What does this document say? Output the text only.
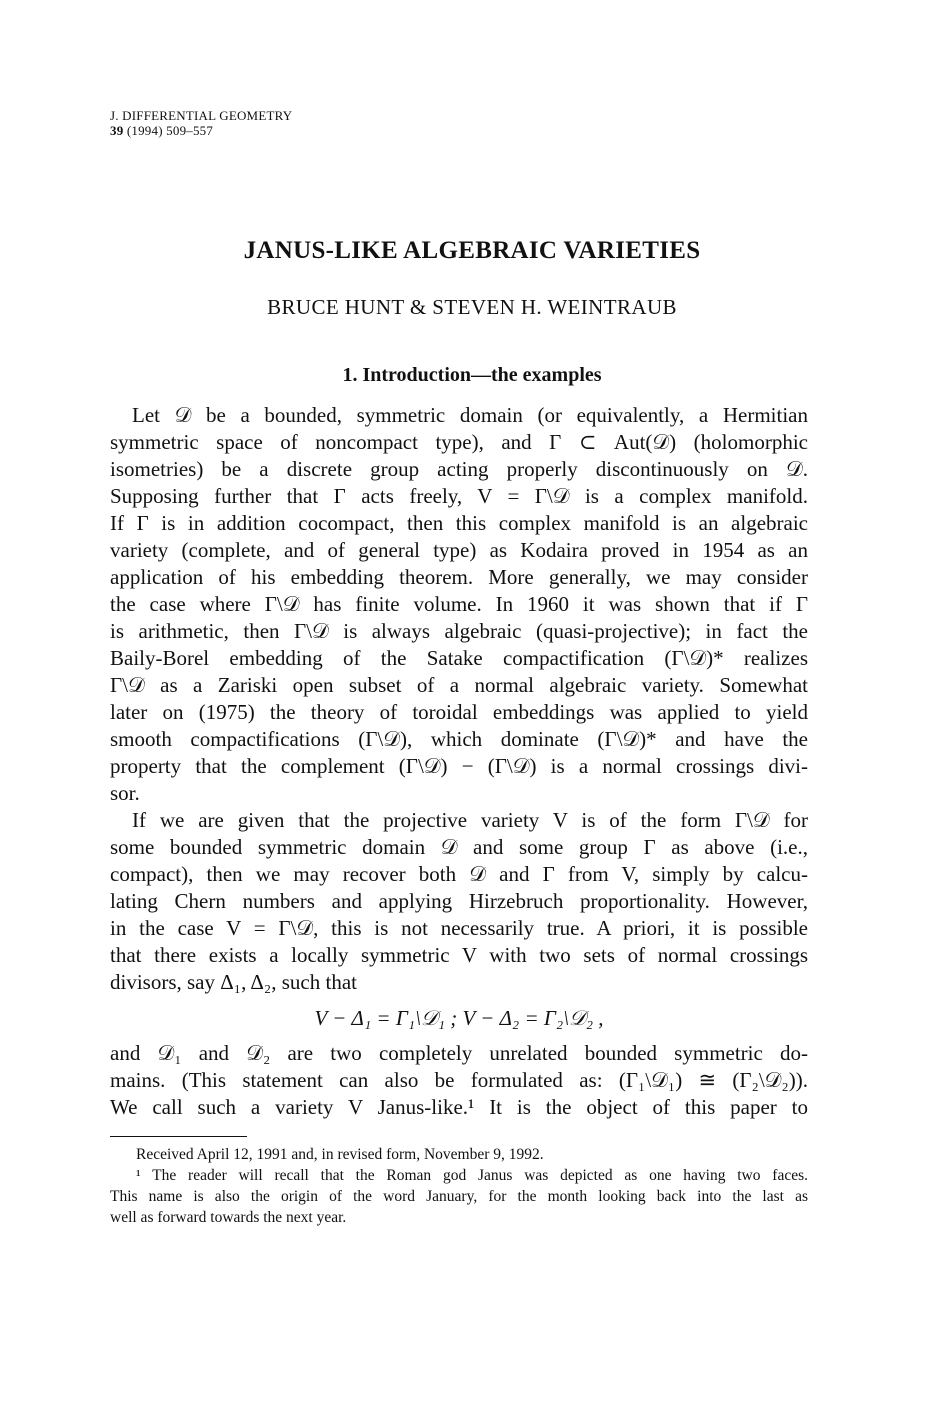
J. DIFFERENTIAL GEOMETRY
39 (1994) 509–557
JANUS-LIKE ALGEBRAIC VARIETIES
BRUCE HUNT & STEVEN H. WEINTRAUB
1. Introduction—the examples
Let 𝒟 be a bounded, symmetric domain (or equivalently, a Hermitian
symmetric space of noncompact type), and Γ ⊂ Aut(𝒟) (holomorphic
isometries) be a discrete group acting properly discontinuously on 𝒟.
Supposing further that Γ acts freely, V = Γ\𝒟 is a complex manifold.
If Γ is in addition cocompact, then this complex manifold is an algebraic
variety (complete, and of general type) as Kodaira proved in 1954 as an
application of his embedding theorem. More generally, we may consider
the case where Γ\𝒟 has finite volume. In 1960 it was shown that if Γ
is arithmetic, then Γ\𝒟 is always algebraic (quasi-projective); in fact the
Baily-Borel embedding of the Satake compactification (Γ\𝒟)* realizes
Γ\𝒟 as a Zariski open subset of a normal algebraic variety. Somewhat
later on (1975) the theory of toroidal embeddings was applied to yield
smooth compactifications (Γ\𝒟), which dominate (Γ\𝒟)* and have the
property that the complement (Γ\𝒟) − (Γ\𝒟) is a normal crossings divi-
sor.
If we are given that the projective variety V is of the form Γ\𝒟 for
some bounded symmetric domain 𝒟 and some group Γ as above (i.e.,
compact), then we may recover both 𝒟 and Γ from V, simply by calcu-
lating Chern numbers and applying Hirzebruch proportionality. However,
in the case V = Γ\𝒟, this is not necessarily true. A priori, it is possible
that there exists a locally symmetric V with two sets of normal crossings
divisors, say Δ₁, Δ₂, such that
V − Δ₁ = Γ₁\𝒟₁ ; V − Δ₂ = Γ₂\𝒟₂ ,
and 𝒟₁ and 𝒟₂ are two completely unrelated bounded symmetric do-
mains. (This statement can also be formulated as: (Γ₁\𝒟₁) ≅ (Γ₂\𝒟₂)).
We call such a variety V Janus-like.¹ It is the object of this paper to
Received April 12, 1991 and, in revised form, November 9, 1992.
¹ The reader will recall that the Roman god Janus was depicted as one having two faces.
This name is also the origin of the word January, for the month looking back into the last as
well as forward towards the next year.
